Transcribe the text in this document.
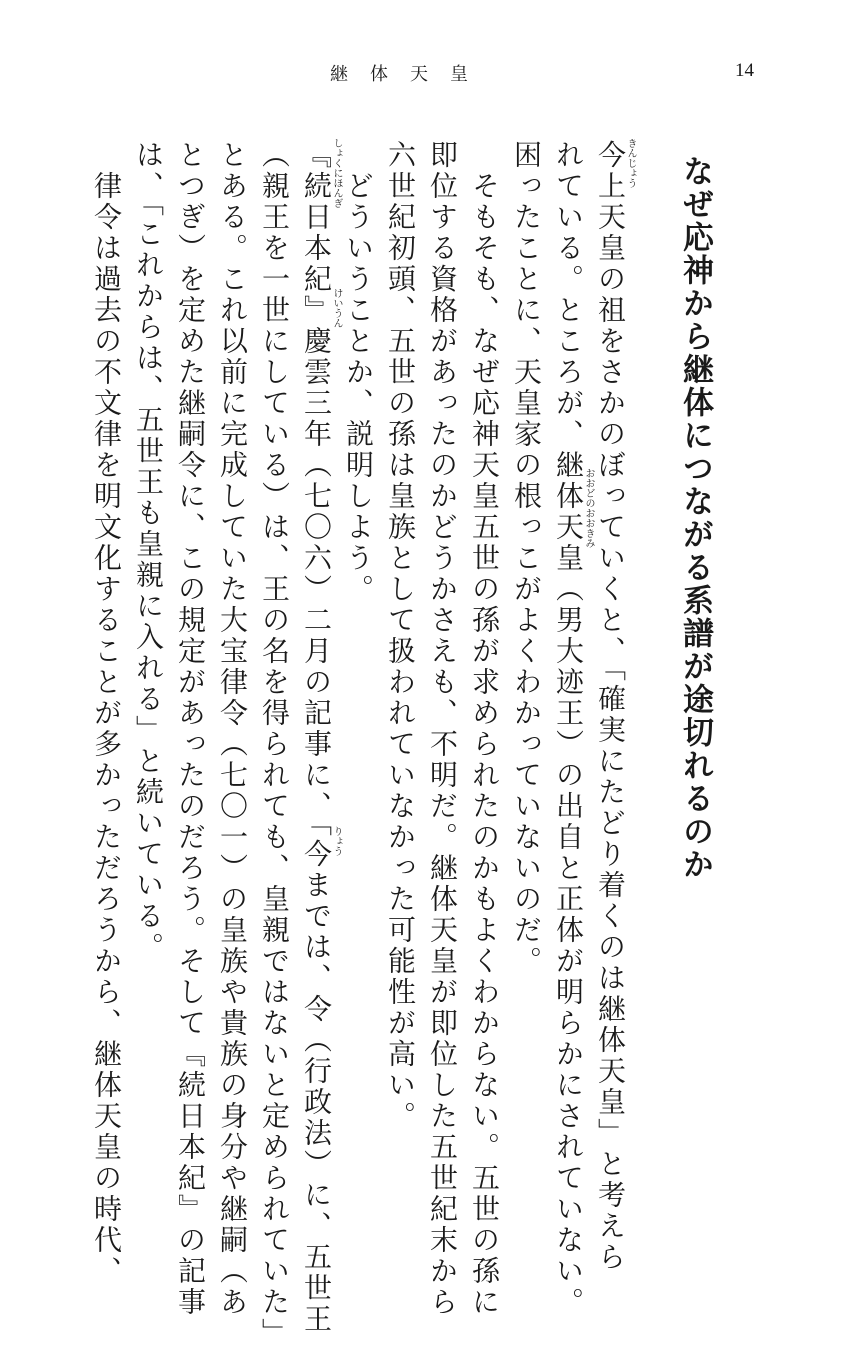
継体天皇	14
なぜ応神から継体につながる系譜が途切れるのか
今上天皇の祖をさかのぼっていくと、「確実にたどり着くのは継体天皇」と考えら
れている。ところが、継体天皇（男大迹王）の出自と正体が明らかにされていない。
困ったことに、天皇家の根っこがよくわかっていないのだ。
　そもそも、なぜ応神天皇五世の孫が求められたのかもよくわからない。五世の孫に
即位する資格があったのかどうかさえも、不明だ。継体天皇が即位した五世紀末から
六世紀初頭、五世の孫は皇族として扱われていなかった可能性が高い。
　どういうことか、説明しよう。
『続日本紀』慶雲三年（七〇六）二月の記事に、「今までは、令（行政法）に、五世王
（親王を一世にしている）は、王の名を得られても、皇親ではないと定められていた」
とある。これ以前に完成していた大宝律令（七〇一）の皇族や貴族の身分や継嗣（あ
とつぎ）を定めた継嗣令に、この規定があったのだろう。そして『続日本紀』の記事
は、「これからは、五世王も皇親に入れる」と続いている。
　律令は過去の不文律を明文化することが多かっただろうから、継体天皇の時代、	きんじょう
おおどのおおきみ
しょくにほんぎ
けいうん
りょう
